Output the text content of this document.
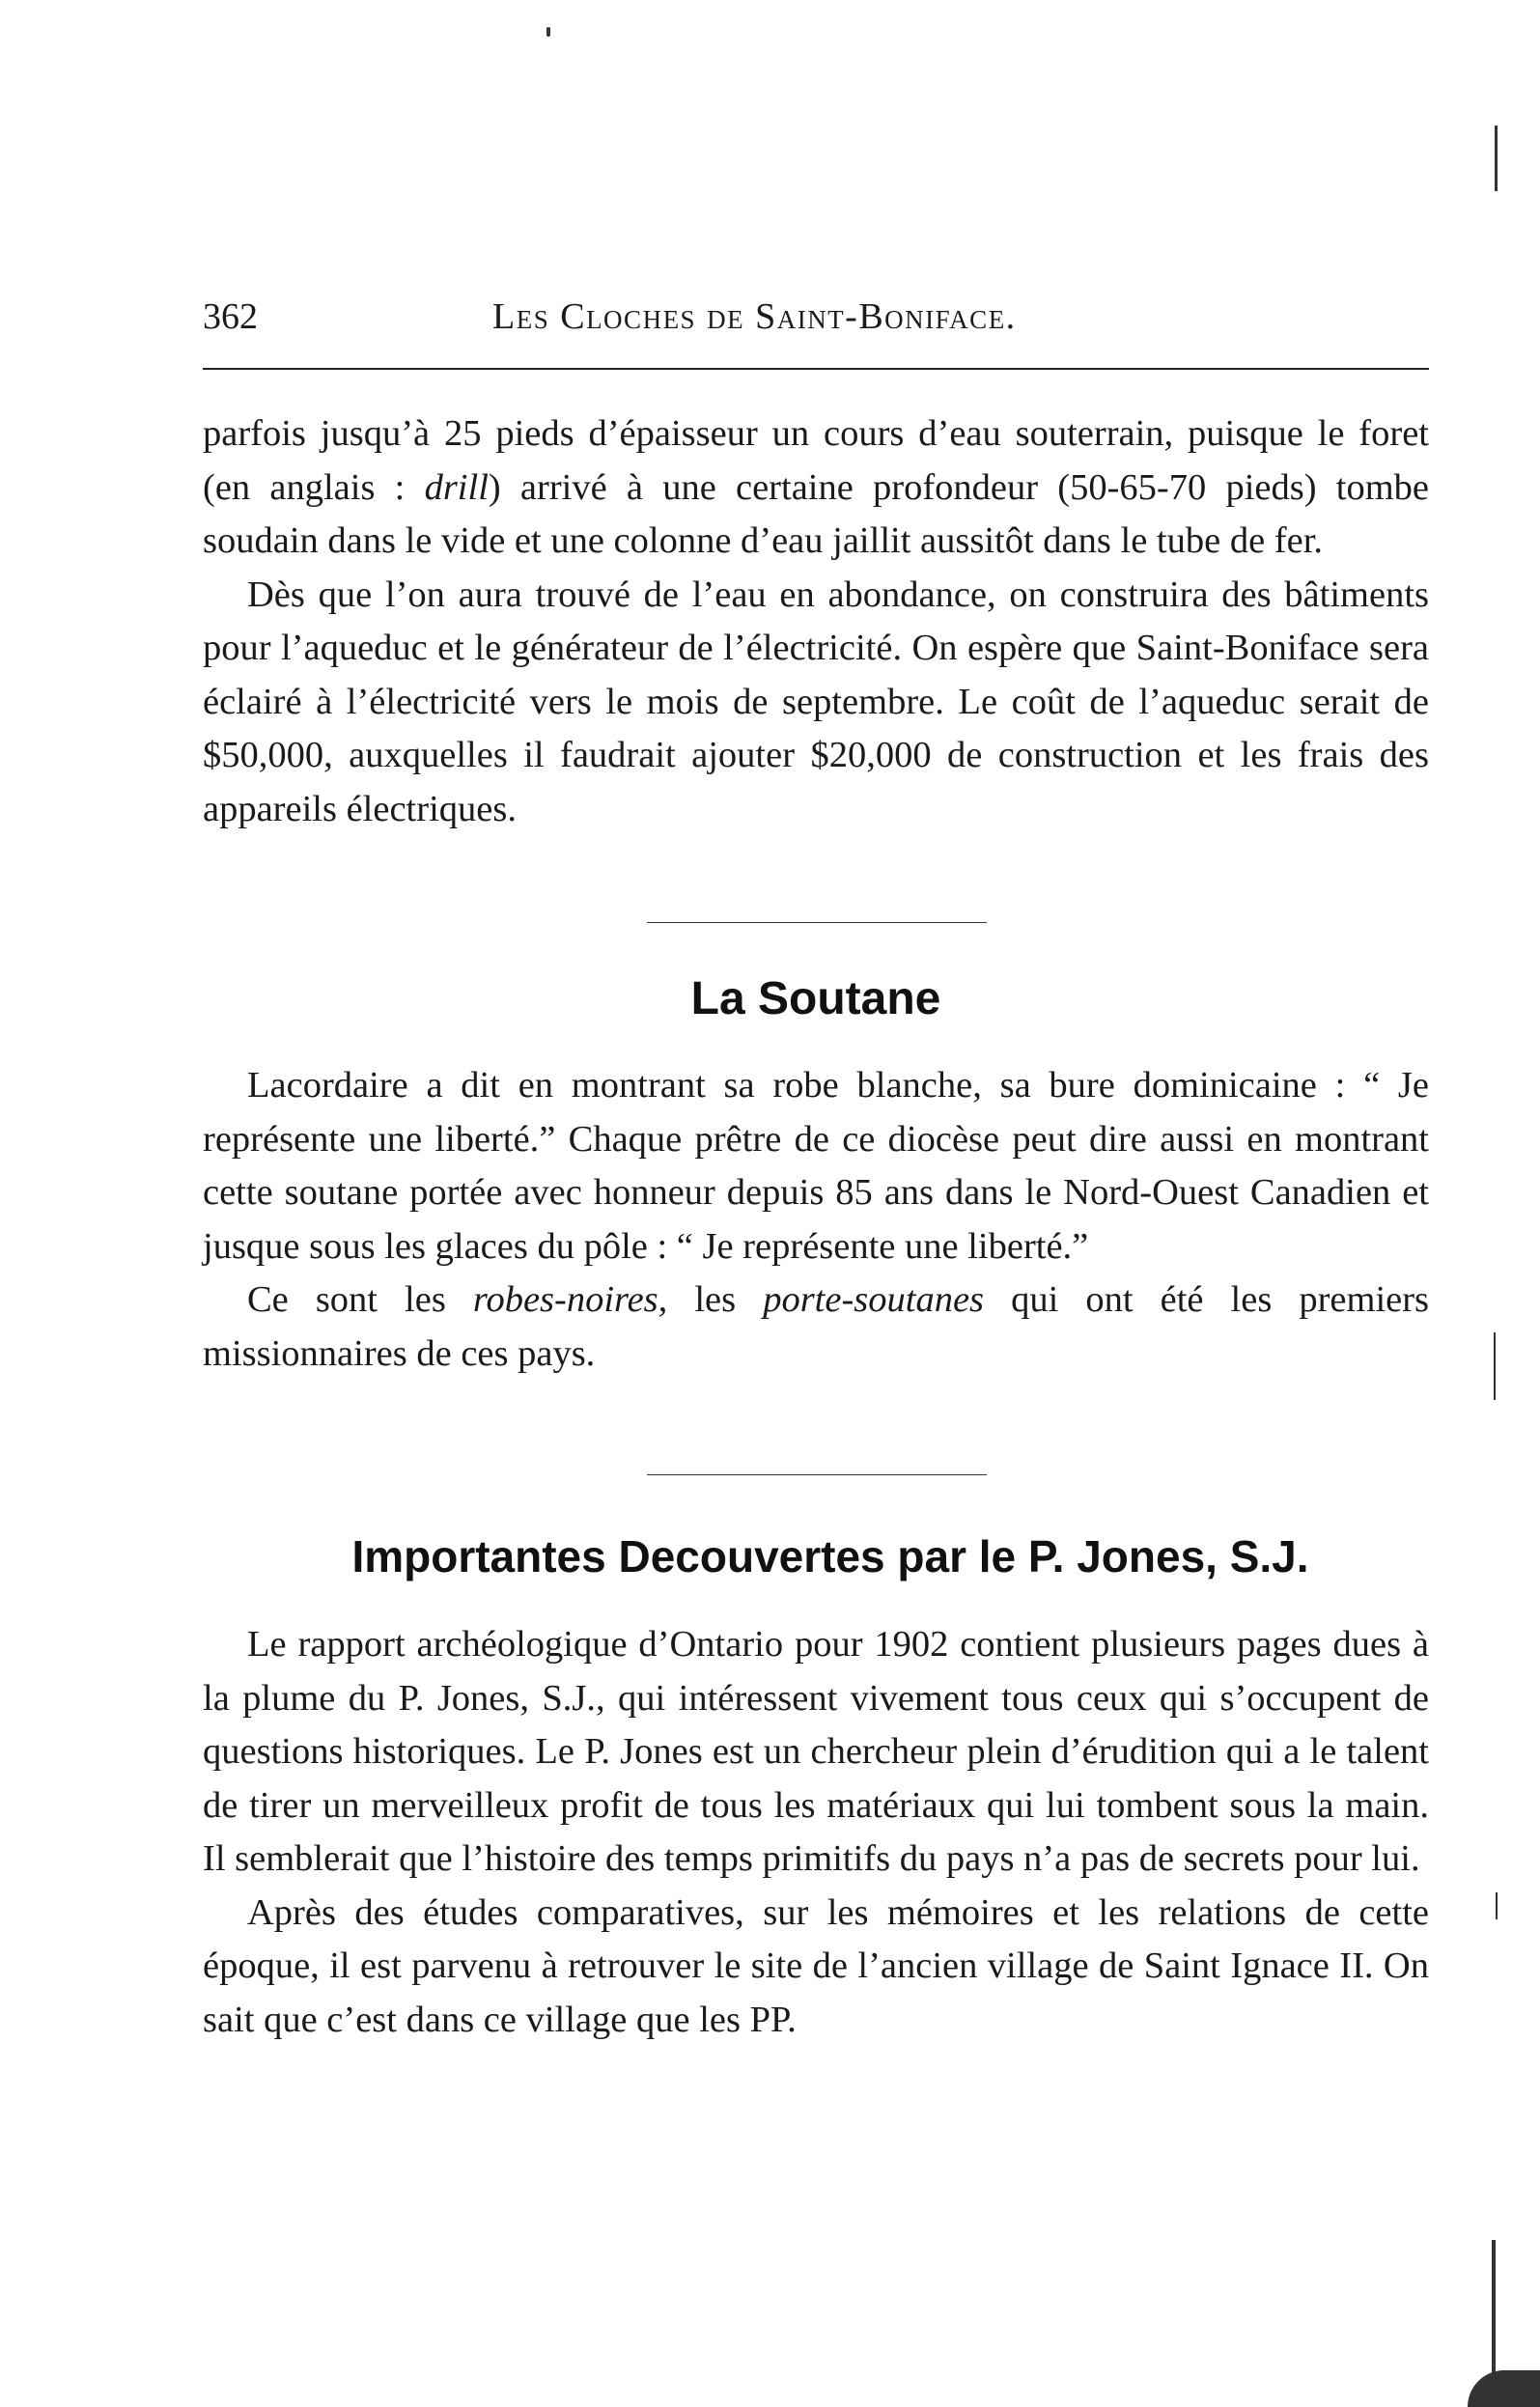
362	Les Cloches de Saint-Boniface.

parfois jusqu’à 25 pieds d’épaisseur un cours d’eau souterrain, puisque le foret (en anglais : drill) arrivé à une certaine profondeur (50-65-70 pieds) tombe soudain dans le vide et une colonne d’eau jaillit aussitôt dans le tube de fer.

Dès que l’on aura trouvé de l’eau en abondance, on construira des bâtiments pour l’aqueduc et le générateur de l’électricité. On espère que Saint-Boniface sera éclairé à l’électricité vers le mois de septembre. Le coût de l’aqueduc serait de $50,000, auxquelles il faudrait ajouter $20,000 de construction et les frais des appareils électriques.

La Soutane

Lacordaire a dit en montrant sa robe blanche, sa bure dominicaine : “ Je représente une liberté.” Chaque prêtre de ce diocèse peut dire aussi en montrant cette soutane portée avec honneur depuis 85 ans dans le Nord-Ouest Canadien et jusque sous les glaces du pôle : “ Je représente une liberté.”

Ce sont les robes-noires, les porte-soutanes qui ont été les premiers missionnaires de ces pays.

Importantes Decouvertes par le P. Jones, S.J.

Le rapport archéologique d’Ontario pour 1902 contient plusieurs pages dues à la plume du P. Jones, S.J., qui intéressent vivement tous ceux qui s’occupent de questions historiques. Le P. Jones est un chercheur plein d’érudition qui a le talent de tirer un merveilleux profit de tous les matériaux qui lui tombent sous la main. Il semblerait que l’histoire des temps primitifs du pays n’a pas de secrets pour lui.

Après des études comparatives, sur les mémoires et les relations de cette époque, il est parvenu à retrouver le site de l’ancien village de Saint Ignace II. On sait que c’est dans ce village que les PP.
